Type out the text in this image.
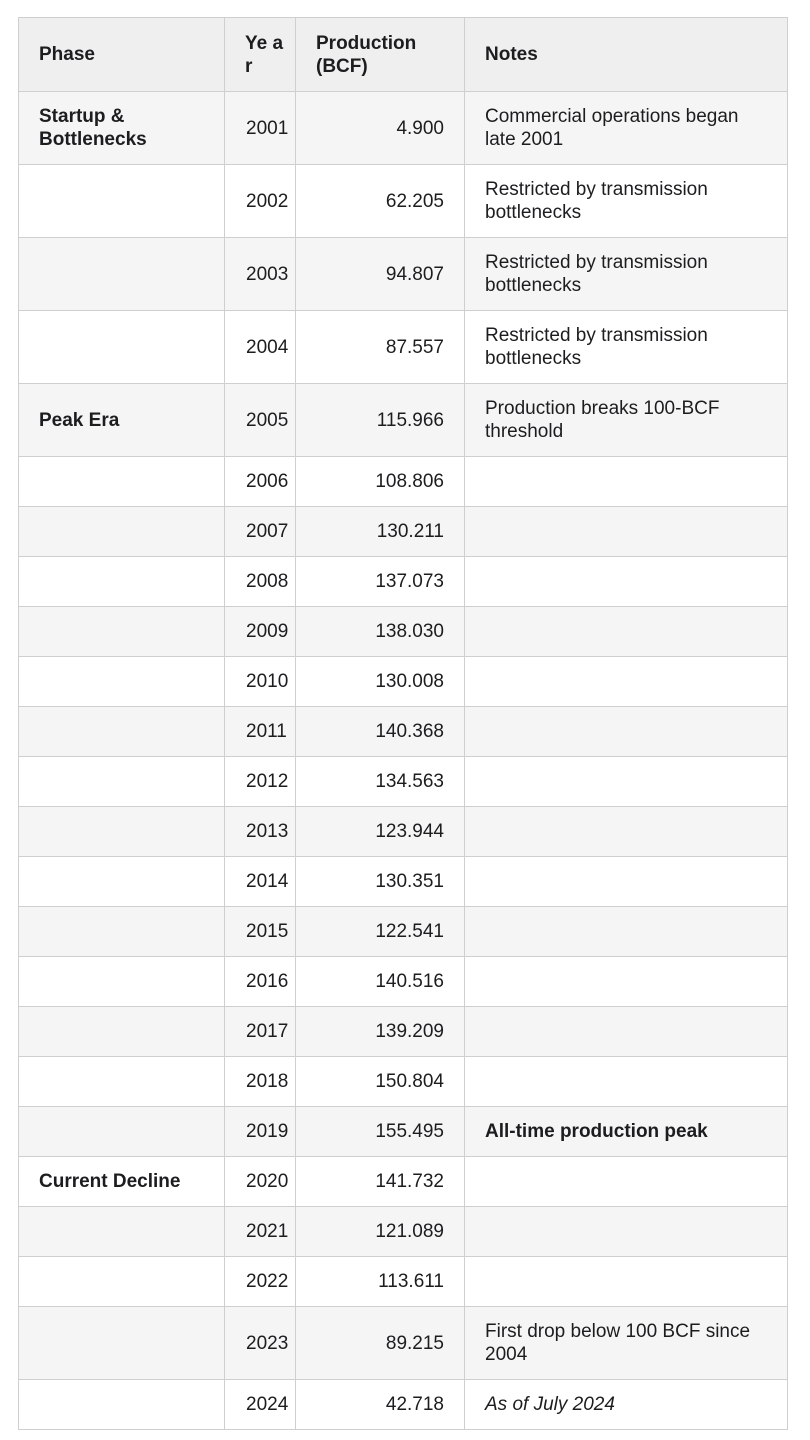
Phase	Ye ar	Production (BCF)	Notes
Startup & Bottlenecks	2001	4.900	Commercial operations began late 2001
	2002	62.205	Restricted by transmission bottlenecks
	2003	94.807	Restricted by transmission bottlenecks
	2004	87.557	Restricted by transmission bottlenecks
Peak Era	2005	115.966	Production breaks 100-BCF threshold
	2006	108.806	
	2007	130.211	
	2008	137.073	
	2009	138.030	
	2010	130.008	
	2011	140.368	
	2012	134.563	
	2013	123.944	
	2014	130.351	
	2015	122.541	
	2016	140.516	
	2017	139.209	
	2018	150.804	
	2019	155.495	All-time production peak
Current Decline	2020	141.732	
	2021	121.089	
	2022	113.611	
	2023	89.215	First drop below 100 BCF since 2004
	2024	42.718	As of July 2024
